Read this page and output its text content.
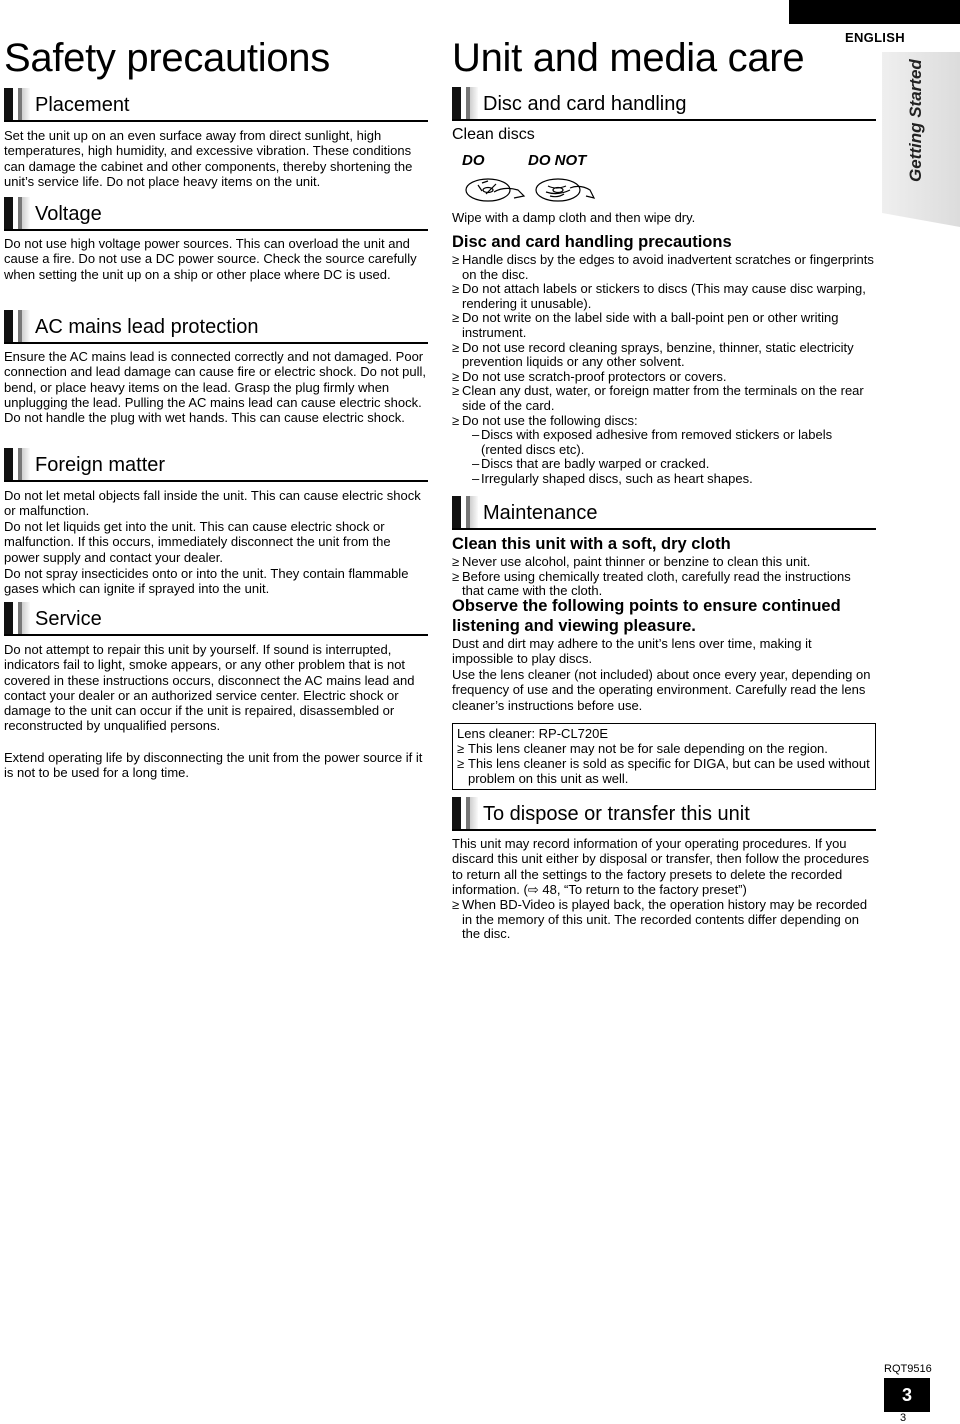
ENGLISH
Getting Started
Safety precautions
Placement

Set the unit up on an even surface away from direct sunlight, high temperatures, high humidity, and excessive vibration. These conditions can damage the cabinet and other components, thereby shortening the unit’s service life. Do not place heavy items on the unit.

Voltage

Do not use high voltage power sources. This can overload the unit and cause a fire. Do not use a DC power source. Check the source carefully when setting the unit up on a ship or other place where DC is used.

AC mains lead protection

Ensure the AC mains lead is connected correctly and not damaged. Poor connection and lead damage can cause fire or electric shock. Do not pull, bend, or place heavy items on the lead. Grasp the plug firmly when unplugging the lead. Pulling the AC mains lead can cause electric shock. Do not handle the plug with wet hands. This can cause electric shock.

Foreign matter

Do not let metal objects fall inside the unit. This can cause electric shock or malfunction.

Do not let liquids get into the unit. This can cause electric shock or malfunction. If this occurs, immediately disconnect the unit from the power supply and contact your dealer.

Do not spray insecticides onto or into the unit. They contain flammable gases which can ignite if sprayed into the unit.

Service

Do not attempt to repair this unit by yourself. If sound is interrupted, indicators fail to light, smoke appears, or any other problem that is not covered in these instructions occurs, disconnect the AC mains lead and contact your dealer or an authorized service center. Electric shock or damage to the unit can occur if the unit is repaired, disassembled or reconstructed by unqualified persons.

Extend operating life by disconnecting the unit from the power source if it is not to be used for a long time.

Unit and media care
Disc and card handling
Clean discs
DO	DO NOT

Wipe with a damp cloth and then wipe dry.

Disc and card handling precautions
≥ Handle discs by the edges to avoid inadvertent scratches or fingerprints on the disc.
≥ Do not attach labels or stickers to discs (This may cause disc warping, rendering it unusable).
≥ Do not write on the label side with a ball-point pen or other writing instrument.
≥ Do not use record cleaning sprays, benzine, thinner, static electricity prevention liquids or any other solvent.
≥ Do not use scratch-proof protectors or covers.
≥ Clean any dust, water, or foreign matter from the terminals on the rear side of the card.
≥ Do not use the following discs:
– Discs with exposed adhesive from removed stickers or labels (rented discs etc).
– Discs that are badly warped or cracked.
– Irregularly shaped discs, such as heart shapes.
Maintenance
Clean this unit with a soft, dry cloth
≥ Never use alcohol, paint thinner or benzine to clean this unit.
≥ Before using chemically treated cloth, carefully read the instructions that came with the cloth.
Observe the following points to ensure continued listening and viewing pleasure.

Dust and dirt may adhere to the unit’s lens over time, making it impossible to play discs.

Use the lens cleaner (not included) about once every year, depending on frequency of use and the operating environment. Carefully read the lens cleaner’s instructions before use.

Lens cleaner: RP-CL720E
≥ This lens cleaner may not be for sale depending on the region.
≥ This lens cleaner is sold as specific for DIGA, but can be used without problem on this unit as well.
To dispose or transfer this unit

This unit may record information of your operating procedures. If you discard this unit either by disposal or transfer, then follow the procedures to return all the settings to the factory presets to delete the recorded information. (⇨ 48, “To return to the factory preset”)

≥ When BD-Video is played back, the operation history may be recorded in the memory of this unit. The recorded contents differ depending on the disc.
RQT9516
3
3
